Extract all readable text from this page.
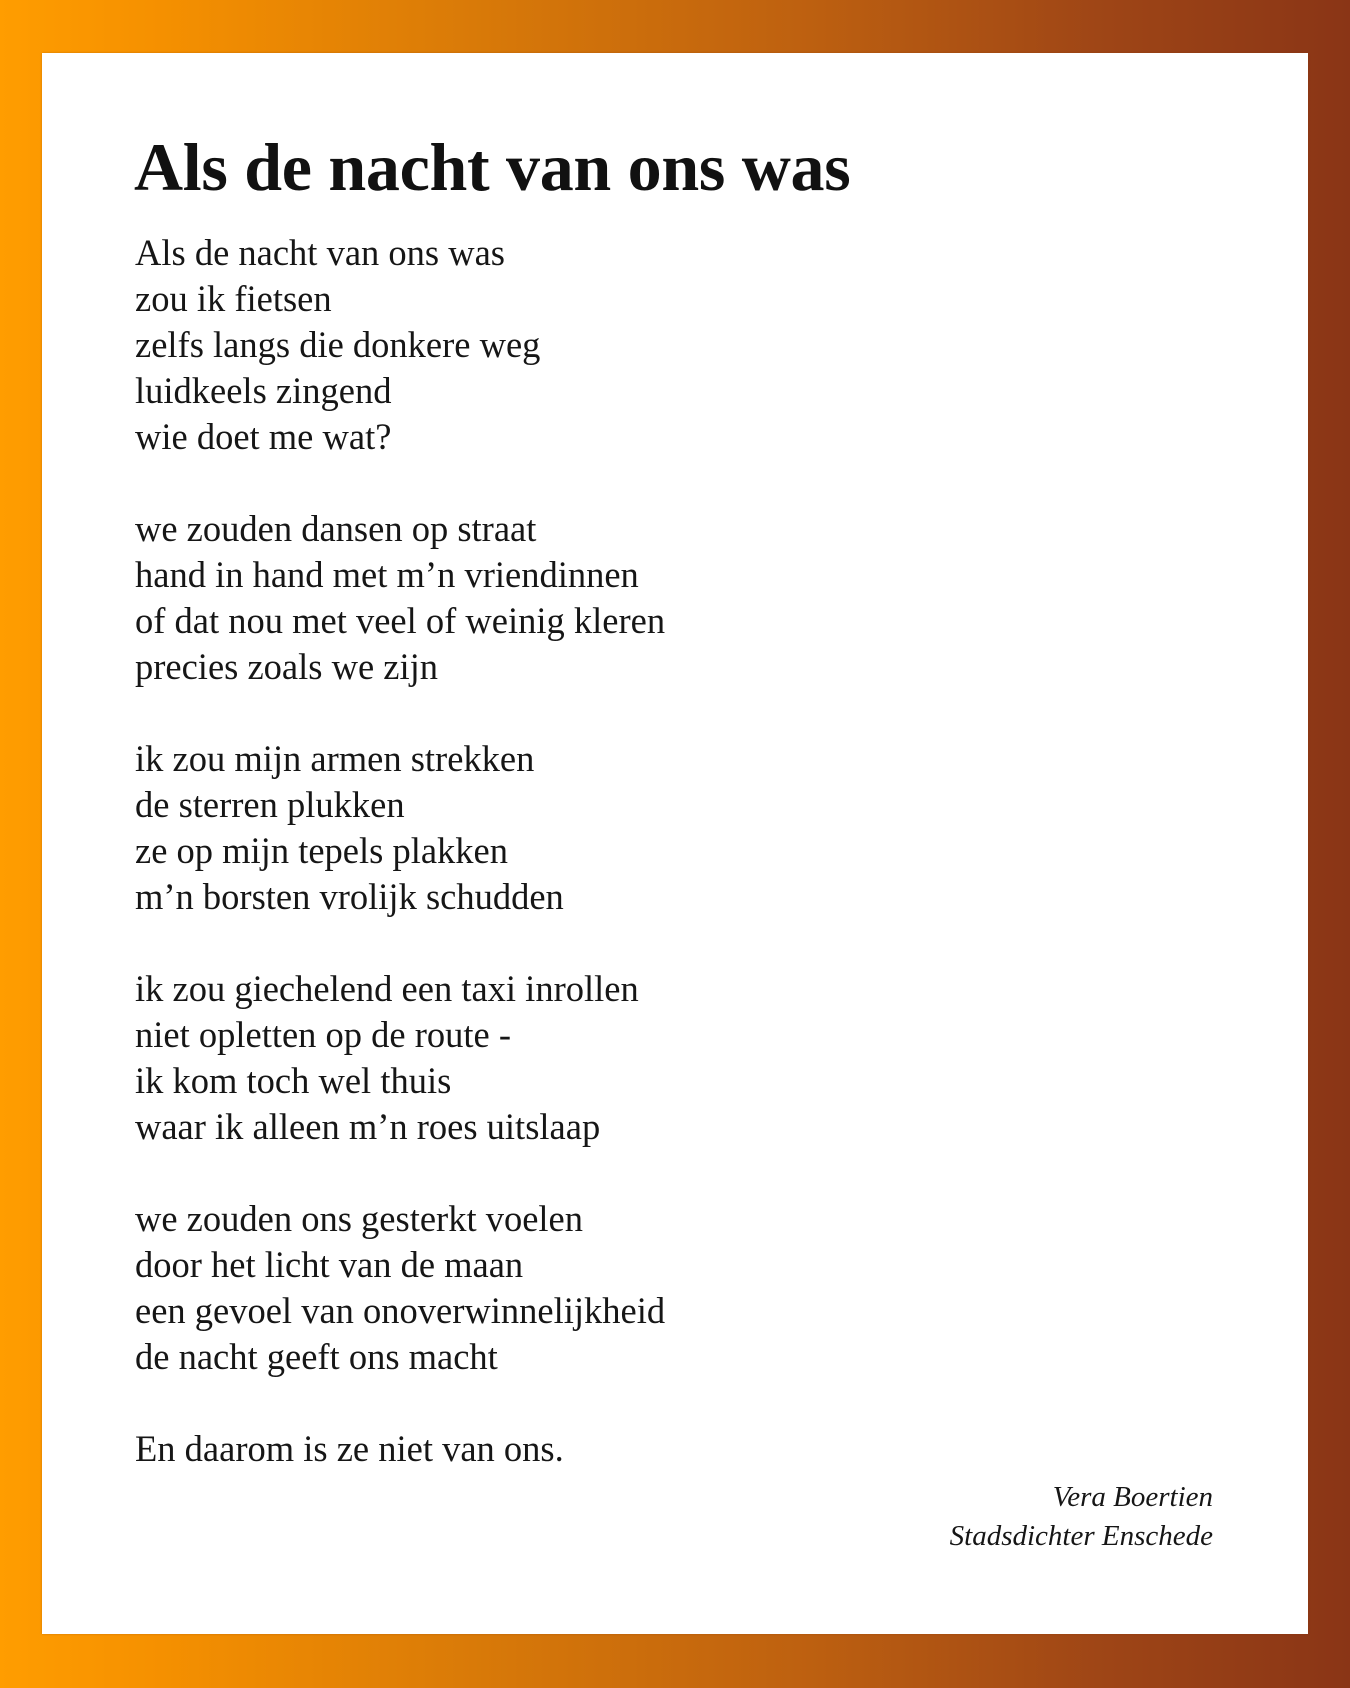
Als de nacht van ons was
Als de nacht van ons was
zou ik fietsen
zelfs langs die donkere weg
luidkeels zingend
wie doet me wat?
we zouden dansen op straat
hand in hand met m’n vriendinnen
of dat nou met veel of weinig kleren
precies zoals we zijn
ik zou mijn armen strekken
de sterren plukken
ze op mijn tepels plakken
m’n borsten vrolijk schudden
ik zou giechelend een taxi inrollen
niet opletten op de route -
ik kom toch wel thuis
waar ik alleen m’n roes uitslaap
we zouden ons gesterkt voelen
door het licht van de maan
een gevoel van onoverwinnelijkheid
de nacht geeft ons macht
En daarom is ze niet van ons.
Vera Boertien
Stadsdichter Enschede
